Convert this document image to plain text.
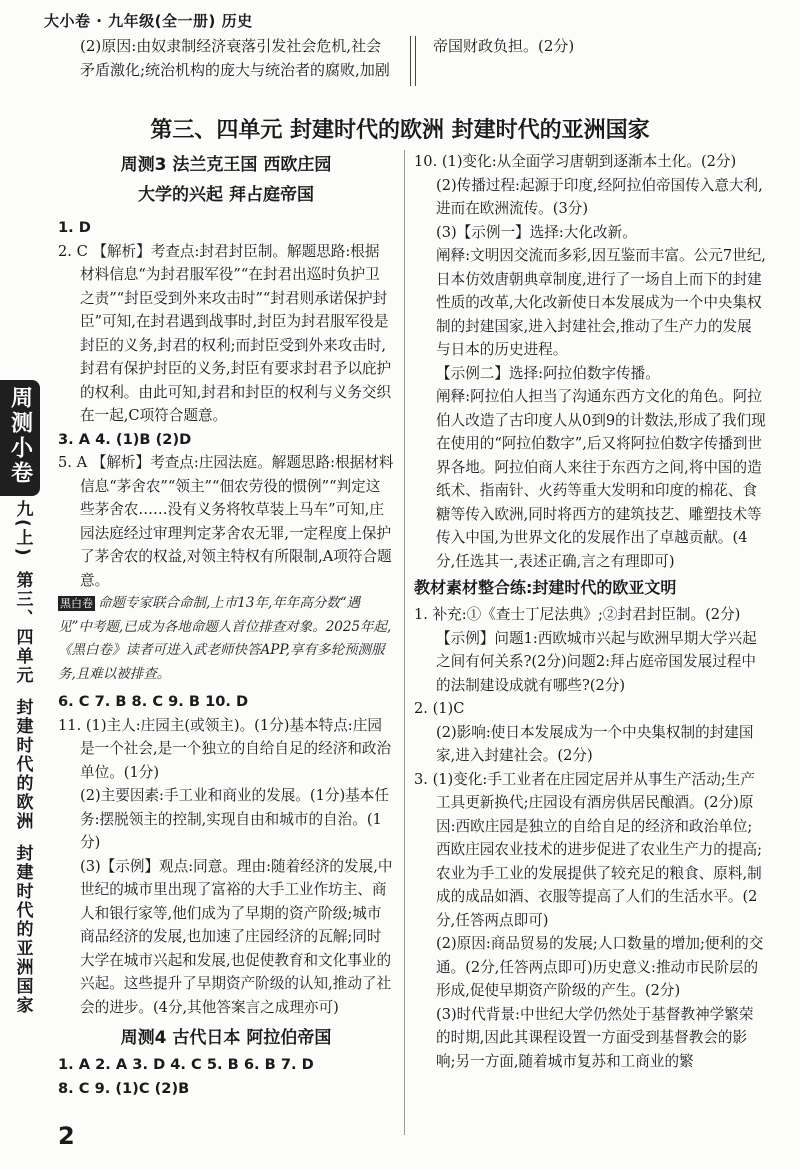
大小卷 · 九年级(全一册) 历史
(2)原因:由奴隶制经济衰落引发社会危机,社会
矛盾激化;统治机构的庞大与统治者的腐败,加剧
帝国财政负担。(2分)
第三、四单元 封建时代的欧洲 封建时代的亚洲国家
周测小卷
九(上) 第三、四单元 封建时代的欧洲 封建时代的亚洲国家

周测3 法兰克王国 西欧庄园

大学的兴起 拜占庭帝国

1. D

2. C 【解析】考查点:封君封臣制。解题思路:根据材料信息“为封君服军役”“在封君出巡时负护卫之责”“封臣受到外来攻击时”“封君则承诺保护封臣”可知,在封君遇到战事时,封臣为封君服军役是封臣的义务,封君的权利;而封臣受到外来攻击时,封君有保护封臣的义务,封臣有要求封君予以庇护的权利。由此可知,封君和封臣的权利与义务交织在一起,C项符合题意。

3. A 4. (1)B (2)D

5. A 【解析】考查点:庄园法庭。解题思路:根据材料信息“茅舍农”“领主”“佃农劳役的惯例”“判定这些茅舍农……没有义务将牧草装上马车”可知,庄园法庭经过审理判定茅舍农无罪,一定程度上保护了茅舍农的权益,对领主特权有所限制,A项符合题意。

黑白卷 命题专家联合命制,上市13年,年年高分数“遇见”中考题,已成为各地命题人首位排查对象。2025年起,《黑白卷》读者可进入武老师快答APP,享有多轮预测服务,且难以被排查。

6. C 7. B 8. C 9. B 10. D

11. (1)主人:庄园主(或领主)。(1分)基本特点:庄园是一个社会,是一个独立的自给自足的经济和政治单位。(1分)

(2)主要因素:手工业和商业的发展。(1分)基本任务:摆脱领主的控制,实现自由和城市的自治。(1分)

(3)【示例】观点:同意。理由:随着经济的发展,中世纪的城市里出现了富裕的大手工业作坊主、商人和银行家等,他们成为了早期的资产阶级;城市商品经济的发展,也加速了庄园经济的瓦解;同时大学在城市兴起和发展,也促使教育和文化事业的兴起。这些提升了早期资产阶级的认知,推动了社会的进步。(4分,其他答案言之成理亦可)

周测4 古代日本 阿拉伯帝国

1. A 2. A 3. D 4. C 5. B 6. B 7. D

8. C 9. (1)C (2)B

10. (1)变化:从全面学习唐朝到逐渐本土化。(2分)

(2)传播过程:起源于印度,经阿拉伯帝国传入意大利,进而在欧洲流传。(3分)

(3)【示例一】选择:大化改新。

阐释:文明因交流而多彩,因互鉴而丰富。公元7世纪,日本仿效唐朝典章制度,进行了一场自上而下的封建性质的改革,大化改新使日本发展成为一个中央集权制的封建国家,进入封建社会,推动了生产力的发展与日本的历史进程。

【示例二】选择:阿拉伯数字传播。

阐释:阿拉伯人担当了沟通东西方文化的角色。阿拉伯人改造了古印度人从0到9的计数法,形成了我们现在使用的“阿拉伯数字”,后又将阿拉伯数字传播到世界各地。阿拉伯商人来往于东西方之间,将中国的造纸术、指南针、火药等重大发明和印度的棉花、食糖等传入欧洲,同时将西方的建筑技艺、雕塑技术等传入中国,为世界文化的发展作出了卓越贡献。(4分,任选其一,表述正确,言之有理即可)

教材素材整合练:封建时代的欧亚文明

1. 补充:①《查士丁尼法典》;②封君封臣制。(2分)

【示例】问题1:西欧城市兴起与欧洲早期大学兴起之间有何关系?(2分)问题2:拜占庭帝国发展过程中的法制建设成就有哪些?(2分)

2. (1)C

(2)影响:使日本发展成为一个中央集权制的封建国家,进入封建社会。(2分)

3. (1)变化:手工业者在庄园定居并从事生产活动;生产工具更新换代;庄园设有酒房供居民酿酒。(2分)原因:西欧庄园是独立的自给自足的经济和政治单位;西欧庄园农业技术的进步促进了农业生产力的提高;农业为手工业的发展提供了较充足的粮食、原料,制成的成品如酒、衣服等提高了人们的生活水平。(2分,任答两点即可)

(2)原因:商品贸易的发展;人口数量的增加;便利的交通。(2分,任答两点即可)历史意义:推动市民阶层的形成,促使早期资产阶级的产生。(2分)

(3)时代背景:中世纪大学仍然处于基督教神学繁荣的时期,因此其课程设置一方面受到基督教会的影响;另一方面,随着城市复苏和工商业的繁

2
